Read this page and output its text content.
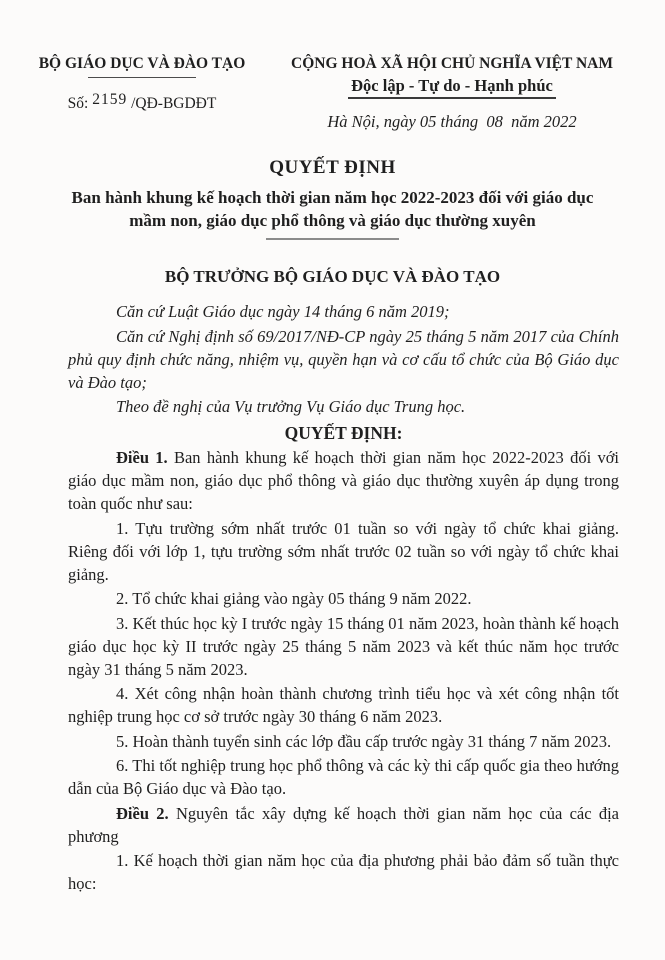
BỘ GIÁO DỤC VÀ ĐÀO TẠO
Số: 2159 /QĐ-BGDĐT
CỘNG HOÀ XÃ HỘI CHỦ NGHĨA VIỆT NAM
Độc lập - Tự do - Hạnh phúc
Hà Nội, ngày 05 tháng  08  năm 2022
QUYẾT ĐỊNH
Ban hành khung kế hoạch thời gian năm học 2022-2023 đối với giáo dục mầm non, giáo dục phổ thông và giáo dục thường xuyên
BỘ TRƯỞNG BỘ GIÁO DỤC VÀ ĐÀO TẠO

Căn cứ Luật Giáo dục ngày 14 tháng 6 năm 2019;

Căn cứ Nghị định số 69/2017/NĐ-CP ngày 25 tháng 5 năm 2017 của Chính phủ quy định chức năng, nhiệm vụ, quyền hạn và cơ cấu tổ chức của Bộ Giáo dục và Đào tạo;

Theo đề nghị của Vụ trưởng Vụ Giáo dục Trung học.

QUYẾT ĐỊNH:

Điều 1. Ban hành khung kế hoạch thời gian năm học 2022-2023 đối với giáo dục mầm non, giáo dục phổ thông và giáo dục thường xuyên áp dụng trong toàn quốc như sau:

1. Tựu trường sớm nhất trước 01 tuần so với ngày tổ chức khai giảng. Riêng đối với lớp 1, tựu trường sớm nhất trước 02 tuần so với ngày tổ chức khai giảng.

2. Tổ chức khai giảng vào ngày 05 tháng 9 năm 2022.

3. Kết thúc học kỳ I trước ngày 15 tháng 01 năm 2023, hoàn thành kế hoạch giáo dục học kỳ II trước ngày 25 tháng 5 năm 2023 và kết thúc năm học trước ngày 31 tháng 5 năm 2023.

4. Xét công nhận hoàn thành chương trình tiểu học và xét công nhận tốt nghiệp trung học cơ sở trước ngày 30 tháng 6 năm 2023.

5. Hoàn thành tuyển sinh các lớp đầu cấp trước ngày 31 tháng 7 năm 2023.

6. Thi tốt nghiệp trung học phổ thông và các kỳ thi cấp quốc gia theo hướng dẫn của Bộ Giáo dục và Đào tạo.

Điều 2. Nguyên tắc xây dựng kế hoạch thời gian năm học của các địa phương

1. Kế hoạch thời gian năm học của địa phương phải bảo đảm số tuần thực học:
